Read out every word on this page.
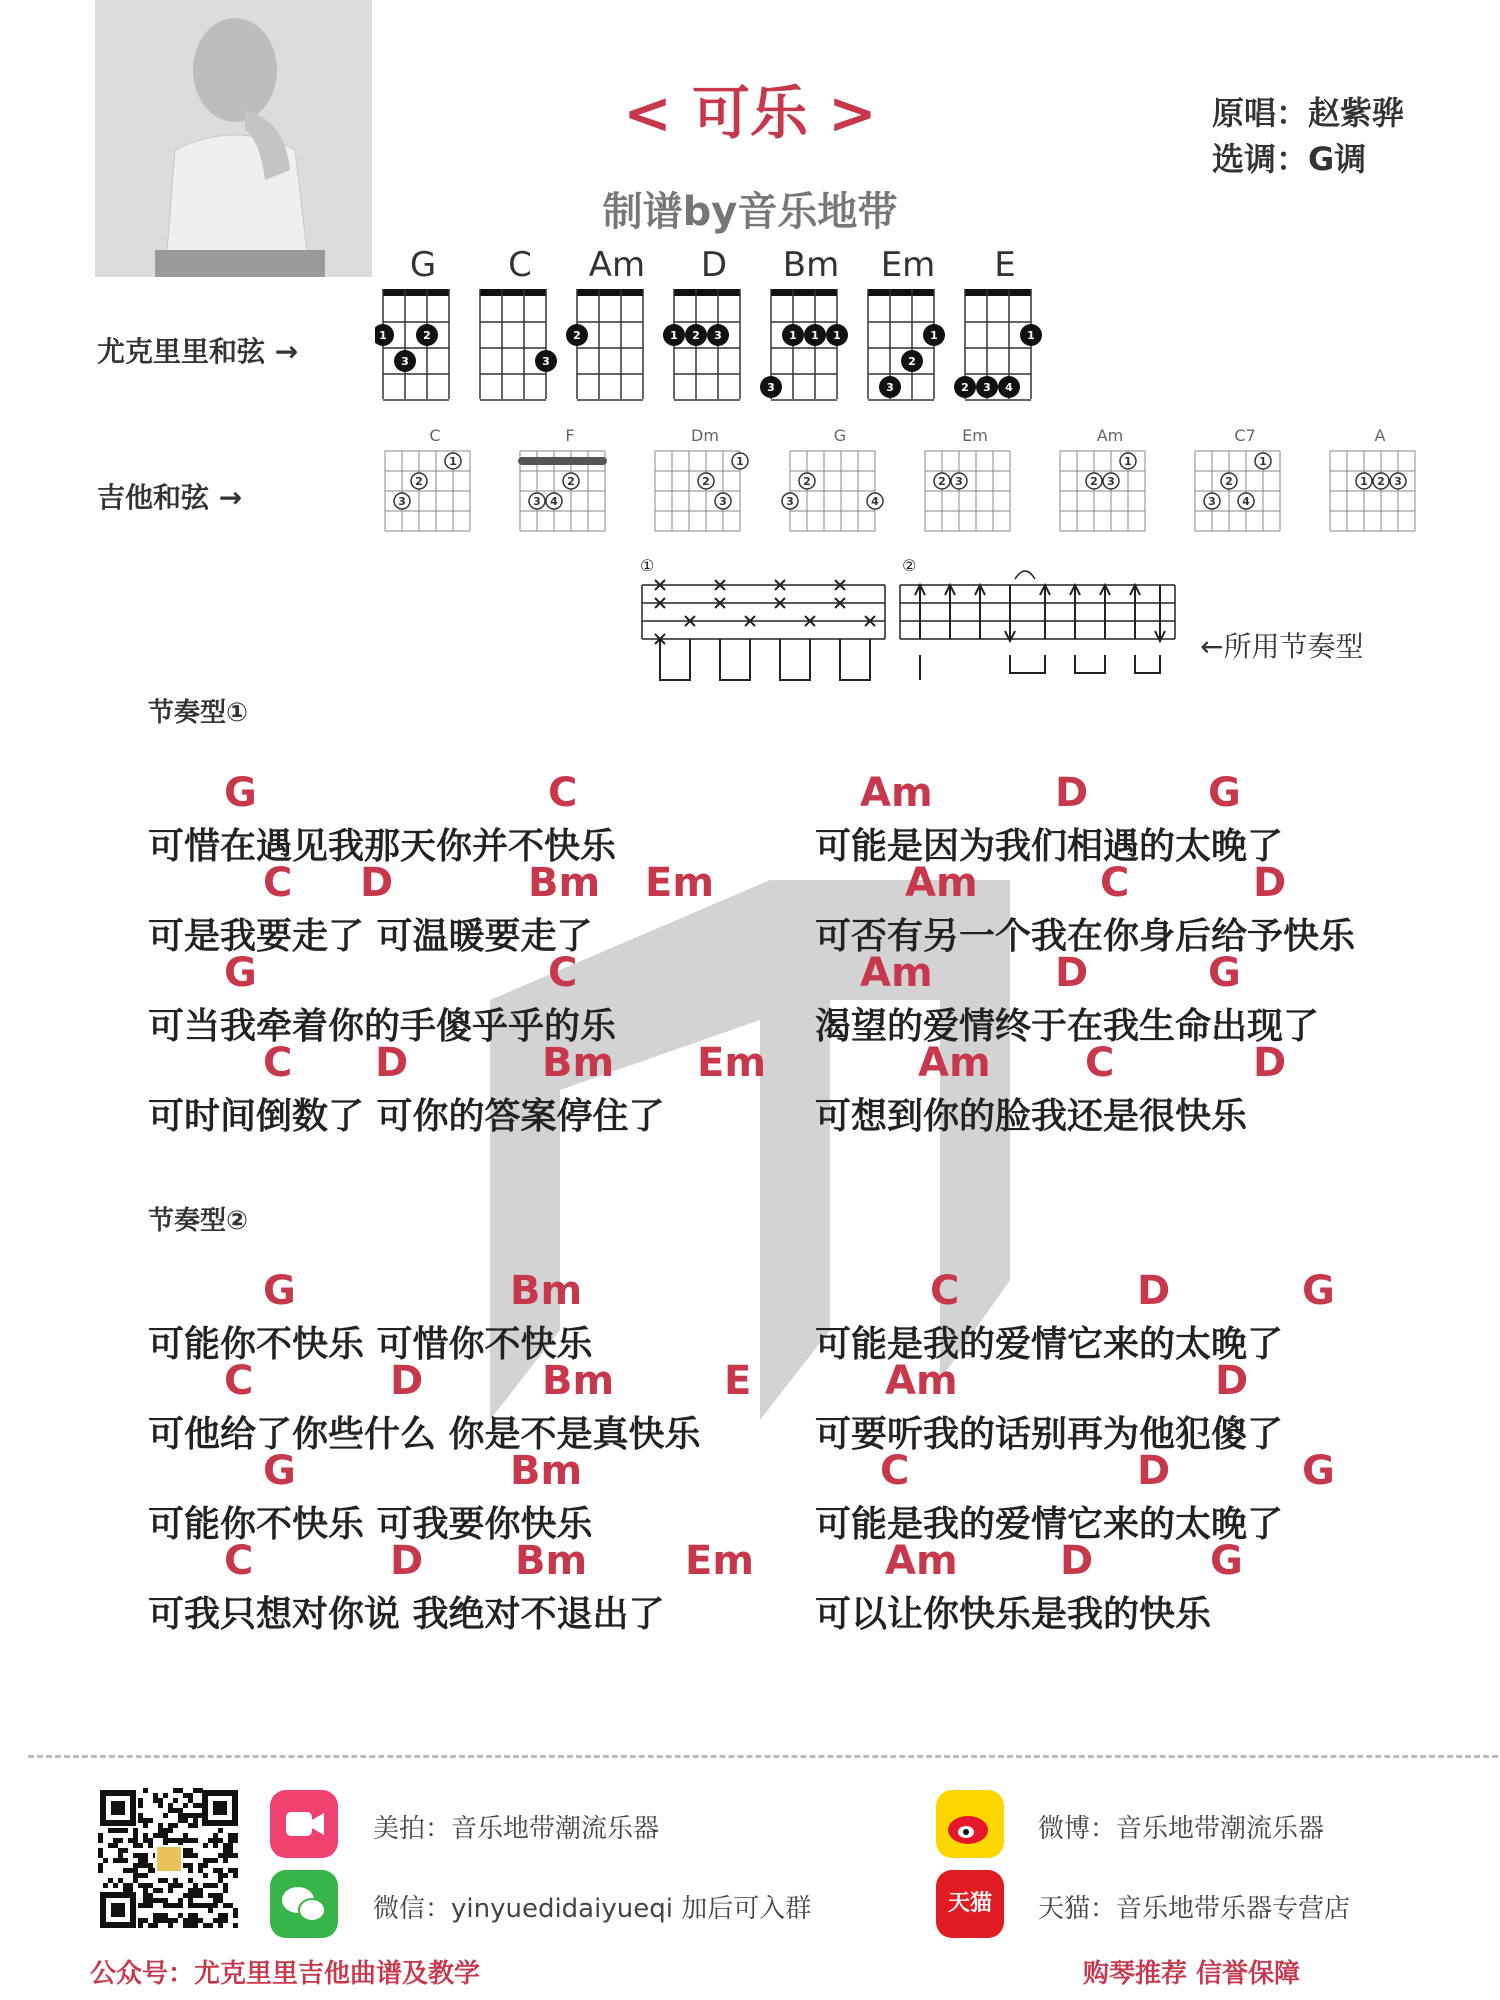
< 可乐 >
制谱by音乐地带
原唱：赵紫骅
选调：G调
尤克里里和弦 →
G	C	Am	D	Bm	Em	E
1	2
3	3
2	1 2 3	1 1 1
3
1
2
3
1
2 3 4
吉他和弦 →
C	F	Dm	G	Em	Am	C7	A
1
2
3
2
3 4
1
2
3
2
3	4
2 3
1
2 3
1
2
3 4
1 2 3
①	②
←所用节奏型
节奏型①
节奏型②
G	C
可惜在遇见我那天你并不快乐
Am	D	G
可能是因为我们相遇的太晚了
C D	Bm Em
可是我要走了 可温暖要走了
Am	C	D
可否有另一个我在你身后给予快乐
G	C
可当我牵着你的手傻乎乎的乐
Am	D	G
渴望的爱情终于在我生命出现了
C D	Bm Em
可时间倒数了 可你的答案停住了
Am C	D
可想到你的脸我还是很快乐
G	Bm
可能你不快乐 可惜你不快乐
C	D	G
可能是我的爱情它来的太晚了
C	D	Bm	E
可他给了你些什么 你是不是真快乐
Am	D
可要听我的话别再为他犯傻了
G	Bm
可能你不快乐 可我要你快乐
C	D	G
可能是我的爱情它来的太晚了
C	D Bm Em
可我只想对你说 我绝对不退出了
Am	D	G
可以让你快乐是我的快乐
美拍：音乐地带潮流乐器
微信：yinyuedidaiyueqi 加后可入群
微博：音乐地带潮流乐器
天猫	天猫：音乐地带乐器专营店
公众号：尤克里里吉他曲谱及教学	购琴推荐 信誉保障
